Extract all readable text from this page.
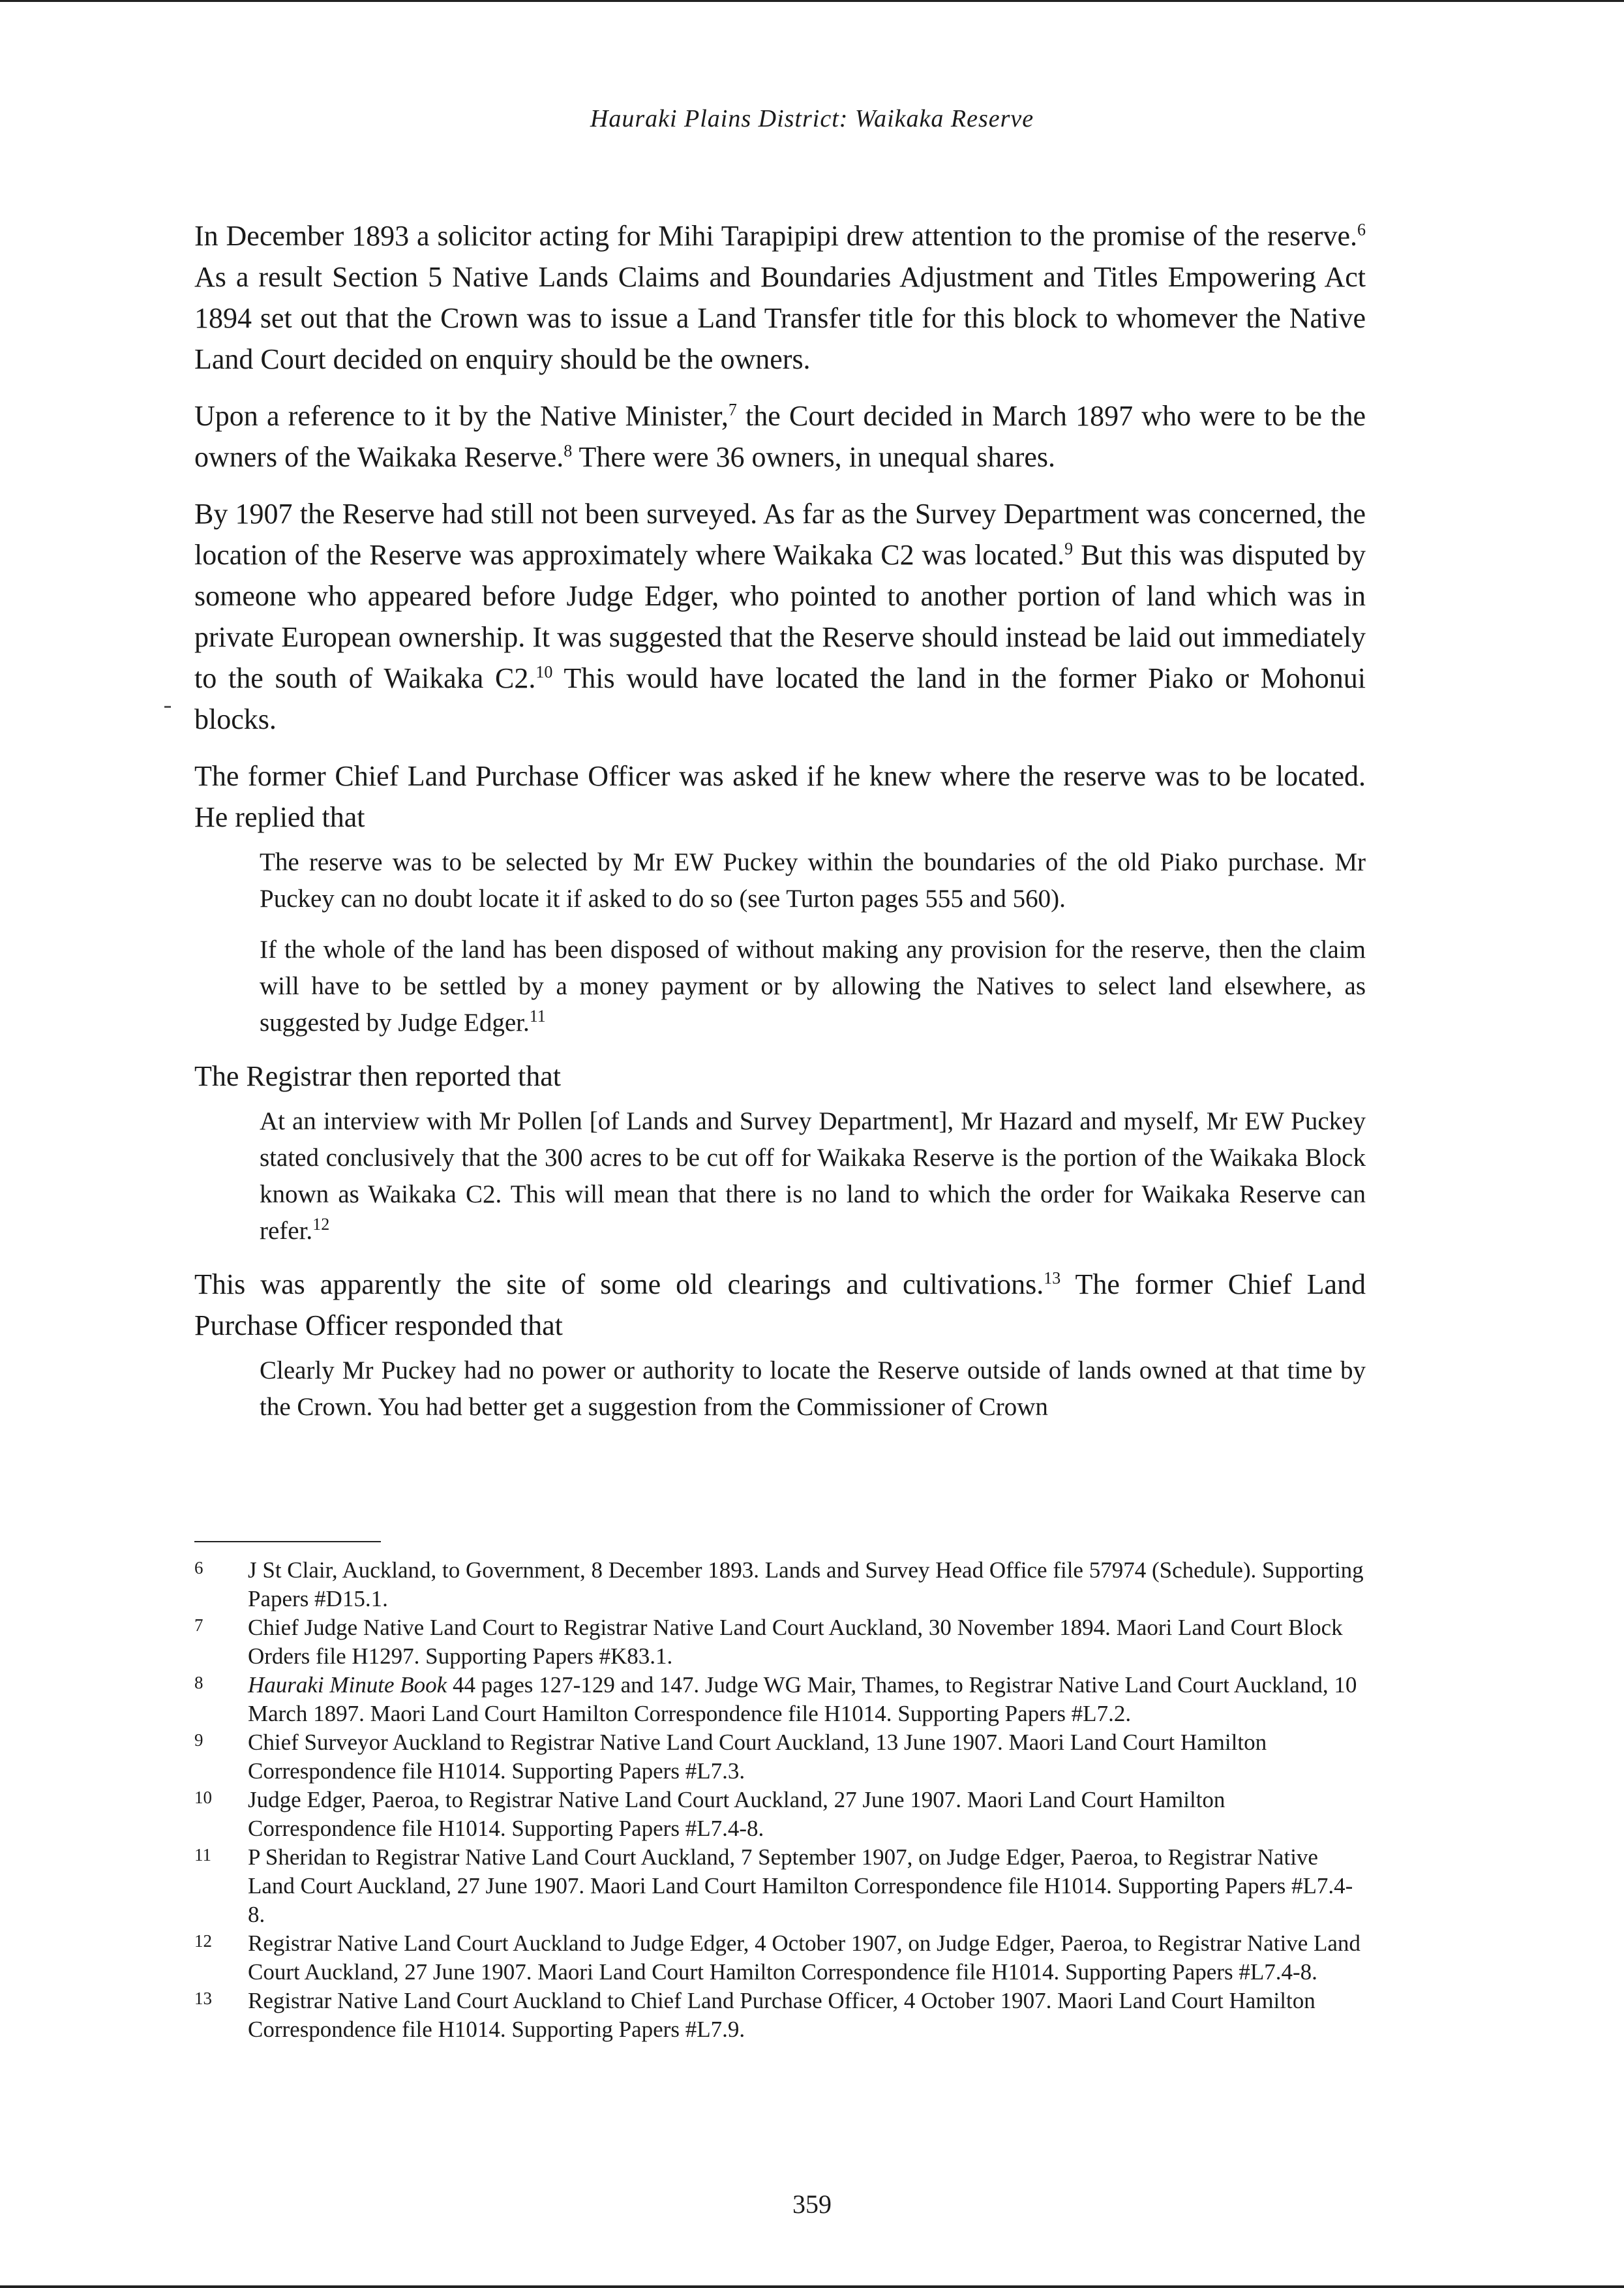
Hauraki Plains District: Waikaka Reserve

In December 1893 a solicitor acting for Mihi Tarapipipi drew attention to the promise of the reserve.$^6$ As a result Section 5 Native Lands Claims and Boundaries Adjustment and Titles Empowering Act 1894 set out that the Crown was to issue a Land Transfer title for this block to whomever the Native Land Court decided on enquiry should be the owners.

Upon a reference to it by the Native Minister,$^7$ the Court decided in March 1897 who were to be the owners of the Waikaka Reserve.$^8$ There were 36 owners, in unequal shares.

By 1907 the Reserve had still not been surveyed. As far as the Survey Department was concerned, the location of the Reserve was approximately where Waikaka C2 was located.$^9$ But this was disputed by someone who appeared before Judge Edger, who pointed to another portion of land which was in private European ownership. It was suggested that the Reserve should instead be laid out immediately to the south of Waikaka C2.10 This would have located the land in the former Piako or Mohonui blocks.

The former Chief Land Purchase Officer was asked if he knew where the reserve was to be located. He replied that

The reserve was to be selected by Mr EW Puckey within the boundaries of the old Piako purchase. Mr Puckey can no doubt locate it if asked to do so (see Turton pages 555 and 560).

If the whole of the land has been disposed of without making any provision for the reserve, then the claim will have to be settled by a money payment or by allowing the Natives to select land elsewhere, as suggested by Judge Edger.$^{11}$

The Registrar then reported that

At an interview with Mr Pollen [of Lands and Survey Department], Mr Hazard and myself, Mr EW Puckey stated conclusively that the 300 acres to be cut off for Waikaka Reserve is the portion of the Waikaka Block known as Waikaka C2. This will mean that there is no land to which the order for Waikaka Reserve can refer.$^{12}$

This was apparently the site of some old clearings and cultivations.$^{13}$ The former Chief Land Purchase Officer responded that

Clearly Mr Puckey had no power or authority to locate the Reserve outside of lands owned at that time by the Crown. You had better get a suggestion from the Commissioner of Crown

6	J St Clair, Auckland, to Government, 8 December 1893. Lands and Survey Head Office file 57974 (Schedule). Supporting Papers #D15.1.
7	Chief Judge Native Land Court to Registrar Native Land Court Auckland, 30 November 1894. Maori Land Court Block Orders file H1297. Supporting Papers #K83.1.
8	Hauraki Minute Book 44 pages 127-129 and 147. Judge WG Mair, Thames, to Registrar Native Land Court Auckland, 10 March 1897. Maori Land Court Hamilton Correspondence file H1014. Supporting Papers #L7.2.
9	Chief Surveyor Auckland to Registrar Native Land Court Auckland, 13 June 1907. Maori Land Court Hamilton Correspondence file H1014. Supporting Papers #L7.3.
10	Judge Edger, Paeroa, to Registrar Native Land Court Auckland, 27 June 1907. Maori Land Court Hamilton Correspondence file H1014. Supporting Papers #L7.4-8.
11	P Sheridan to Registrar Native Land Court Auckland, 7 September 1907, on Judge Edger, Paeroa, to Registrar Native Land Court Auckland, 27 June 1907. Maori Land Court Hamilton Correspondence file H1014. Supporting Papers #L7.4-8.
12	Registrar Native Land Court Auckland to Judge Edger, 4 October 1907, on Judge Edger, Paeroa, to Registrar Native Land Court Auckland, 27 June 1907. Maori Land Court Hamilton Correspondence file H1014. Supporting Papers #L7.4-8.
13	Registrar Native Land Court Auckland to Chief Land Purchase Officer, 4 October 1907. Maori Land Court Hamilton Correspondence file H1014. Supporting Papers #L7.9.
359
